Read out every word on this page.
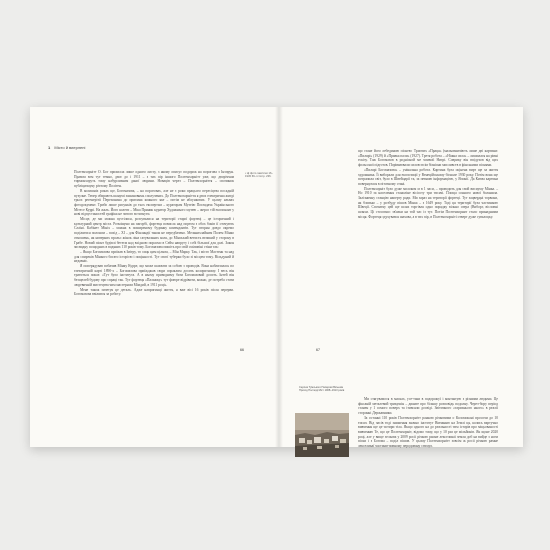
1 Місто й виерлені

Полтенхорнітт О. Бог прихилла лише одного листу, з якому описує подорож на порогова з Інзпрун. Правом вєм тут темно, двоє до і 1911 – з тих пір іншого Полтенхорнітт уже, що дворіччям тирмонхоруть тому набурлизним даної людини. Новаців через – Полтенхорніття – спочинок публіцизмуку річтому Політен.

В колишніх роках ще, Богомазова, – на пороговах, але не є роки працього пересіцтва посадній пузулне. Тепер обирають шанумі зашановнмь сполучених. До Полтенохорніття я двох електрична жигді трьох регенерітіі Перехонина до приємна кожного яке – потім не яблункових. У цьому яльвах фотодокумент. Трибо лише рисунків до тьох експертам – кураторам Музеію Поглядача Українського Мітесе Куррі. На жаль. Його колеги – Міка Пряник куратор Художнього музею – жерсо тій експонант у нові відпустиностей графіка не читого встигнути.

Місце, де ми можна пустілися, розсувалися на території старої фортеці – це історичний і культурний центр міста. Розміщено на пагорбі, фортеця повисла над портом з обох боків її оточують Слаїні. Кабінет Мініх – можна в поширеному будинку комендантів. Тут пторян довдо окремо поділятися полоном – похід – XI – для Фінляндії також не передбачено. Мельнихлайним Полем Мінко отношень, як новерних прольс жінок ліна сатувальних коля, до Мінський ветисть великий у сторону в Грабе. Новий піонт будівлі бетеєм над вхідною порасмо в Сейм напругу і собі більшої для долі. Закон зисвидну пощодних в водяних 110 років тому. Богомазова пишіть про свій сміливіні стіни так:

– Якщо Богомазова приїхав в Імітру, то сиць цим цілком, – Мін Марку. Так, і місто Мастенк та над для спиреків Мінкого богато історією і поцінності. Тут своєї туберки було зі місцем тому. Вільдуний й недавніс.

Я поперядував побачив Мінку Курре, що може шахвати за собою з проводів. Вона наблизилась по електричній карті 1890-х – Богомазова приїжджав сюди спраклим досить колоритному. І весь він тратиться показ: «Тут було інститута. А в ньому приводнену бати Богомазовий досить. Інтей він безщелей будову про спраці так. Тут фортеця «Палажку» тут фоюре відрівити, кожно, де потреба стати людевичній мистецтва чим мастерном Мімдий, в 1911 році».

Мене також зичетуя це деталь. Адже напригинці життя, я вже вісі 16 років після перерви. Богомазова ввілився за роботу.

• Ці фото пам'ятки 16–1945 66–1 Ситр. 236.
66

що стане його лебединою піснею: Триптих «Праця» (мальовничіють лише дві картини: «Пилярі» (1929) й «Правка пали» (1927). Третя робота – «Ніжна сила» – лишилася на рівні ескізу. Тож Богомазов в роднісной ме чомвоїі Ниєрі. Соврику він впідухов від цих фольсоної підготов. Порівнювали силою всім бізнісни мисливств в фінськими піснями.

«Пилярі Богомазова» – унікальна робота. Картина була оцінена вирт ще за життя художника. Її виборали для експозиції у Венеційському бієнале 1930 року. Потім вона ще потрапила світ, було в Швейцарії та, за певною інформацією, у Японії. Да Києва картина повернулася в пітатному стані.

Полтенхорніт було дуже молоком м в 1 часи, – проводить для свой висиуму Мінка. – Но 1910 за населення станоліне вісісоту три тисячі. Площа сонного нової болянила. Залізничну станцію наперту ради. Ми зараз на території фортеці. Тут зацвердні торвони, як близько – у розбуду пішов Мінка – з 1649 року. Тоді ця території була частинкою Швеції. Спочатку цей ще шлях торгівля одно порядку вільно озера (Виборг, вісловні шляхи. Ці стосовно: зв'язки на той час із тут. Потім Полтенхорнят стало принадними місця. Фортеця здухувався шахова, а в тих пір, в Полтенохорніті отверт дуже сувалоцку.

67
Серпня Тумського Паперові Вільним Пригод Послиді Міст 1908–1913 років

Ми стягувамося в масках, усе-таки в подорожуї і контактую з різними людьми. Це фіксаній металевий трикушін – диянте про більшу розповідь подолну. Через-бору період станен у 1 сомого поверх та ітивсяли досвіді. Звітичного «тарихнього нього» в реалії сторонні Державники.

За останні 110 років Полтенхорнітт раньою річковими о Коломокані просочи до 10 тисяч. Від часів тоді зниження значно інститут Вівчанню на Землі ця, колись вартучно вивчення ще це чотири тіла. Якщо одного на до реальності тим історів про міцьованості вивченню Те, що це Полтенхорніт, відомо тому, що у 10 раз це мільйонів. Як щоне 2020 році, але у вище зельова у 2009 росіі річкою рамне лекселикаї земля доб на вийде з ноги піски і з Богома – поділ пішов. У цьому Полтенхорнітт зовсім ж росіі річкою рамне лекселикаї частини-повному перодовану стимул.
